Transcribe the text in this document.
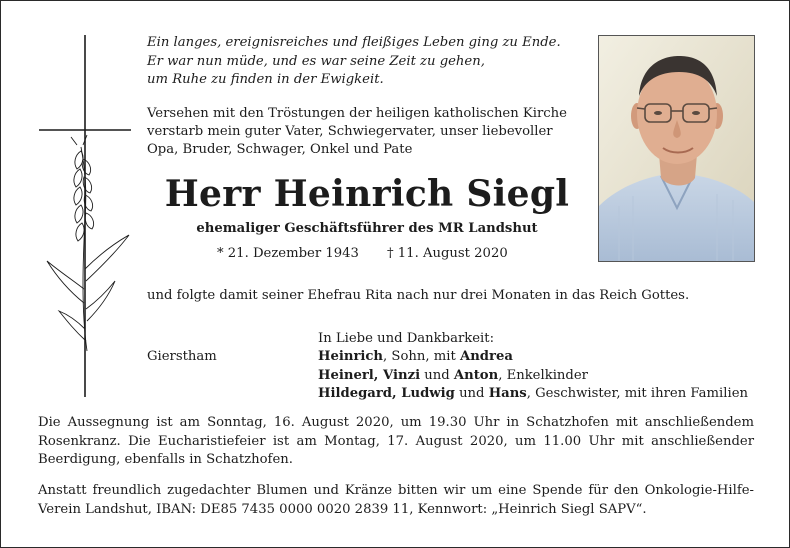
Ein langes, ereignisreiches und fleißiges Leben ging zu Ende.
Er war nun müde, und es war seine Zeit zu gehen,
um Ruhe zu finden in der Ewigkeit.
Versehen mit den Tröstungen der heiligen katholischen Kirche
verstarb mein guter Vater, Schwiegervater, unser liebevoller
Opa, Bruder, Schwager, Onkel und Pate
Herr Heinrich Siegl
ehemaliger Geschäftsführer des MR Landshut
* 21. Dezember 1943 † 11. August 2020
und folgte damit seiner Ehefrau Rita nach nur drei Monaten in das Reich Gottes.
In Liebe und Dankbarkeit:
Gierstham	Heinrich, Sohn, mit Andrea
Heinerl, Vinzi und Anton, Enkelkinder
Hildegard, Ludwig und Hans, Geschwister, mit ihren Familien

Die Aussegnung ist am Sonntag, 16. August 2020, um 19.30 Uhr in Schatzhofen mit anschließendem Rosenkranz. Die Eucharistiefeier ist am Montag, 17. August 2020, um 11.00 Uhr mit anschließender Beerdigung, ebenfalls in Schatzhofen.

Anstatt freundlich zugedachter Blumen und Kränze bitten wir um eine Spende für den Onkologie-Hilfe-Verein Landshut, IBAN: DE85 7435 0000 0020 2839 11, Kennwort: „Heinrich Siegl SAPV“.
